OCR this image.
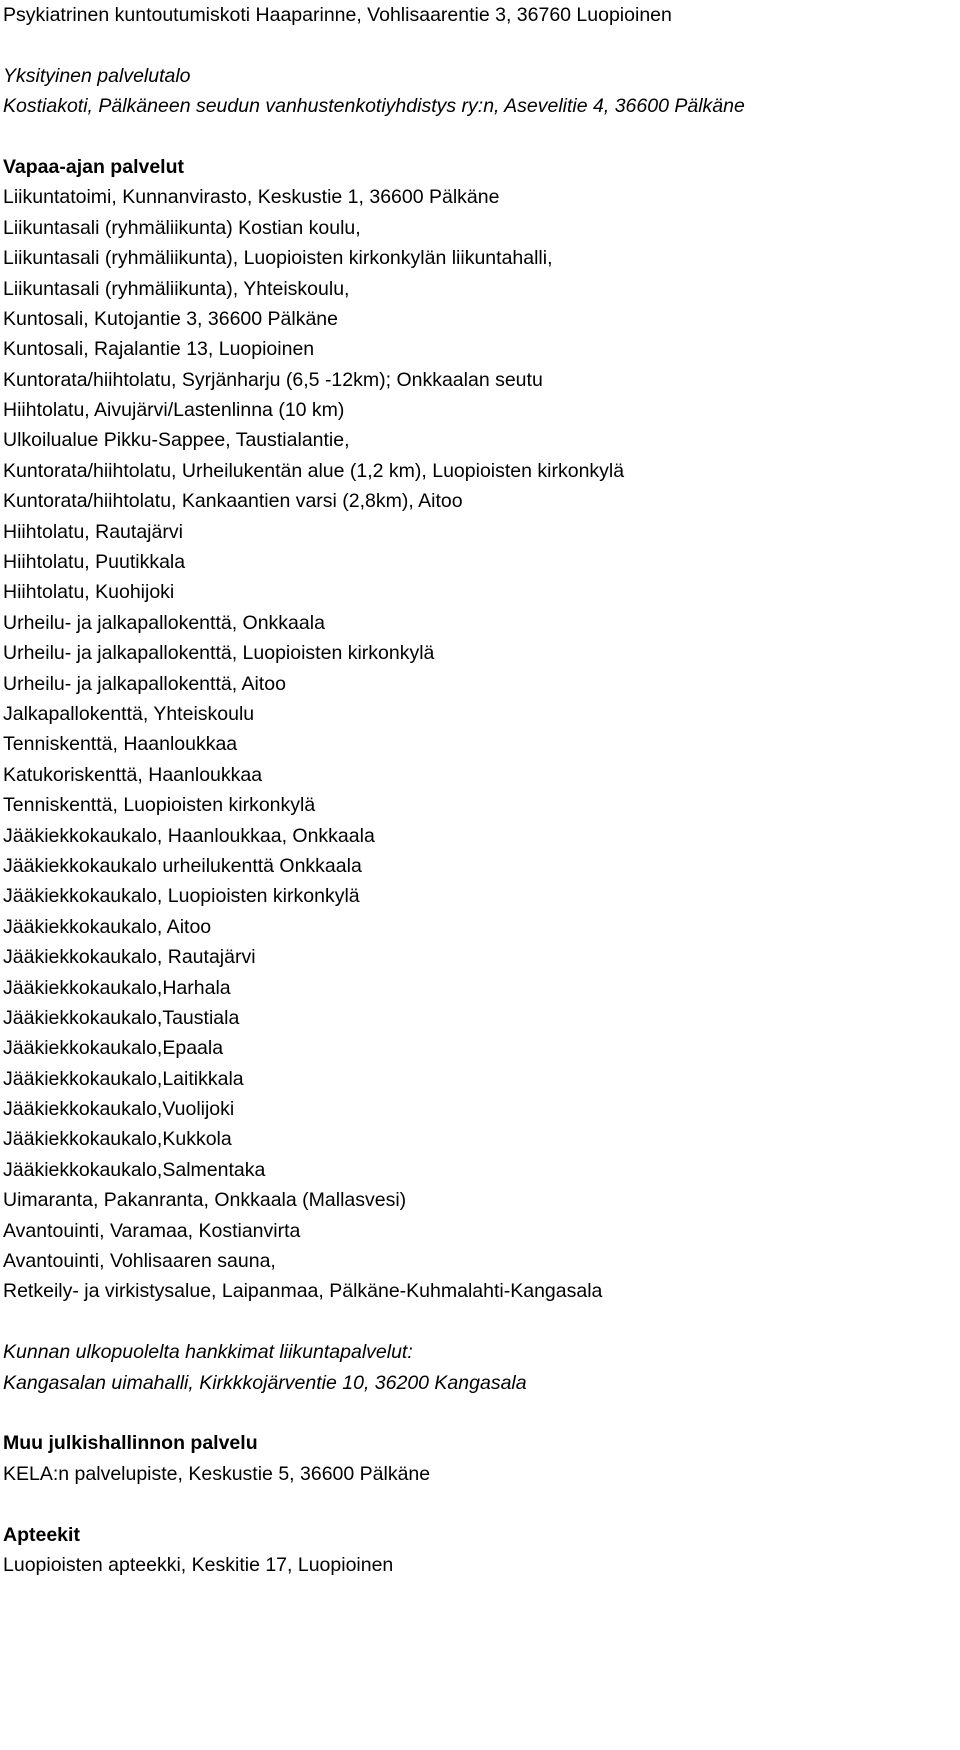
Psykiatrinen kuntoutumiskoti Haaparinne, Vohlisaarentie 3, 36760 Luopioinen
Yksityinen palvelutalo
Kostiakoti, Pälkäneen seudun vanhustenkotiyhdistys ry:n, Asevelitie 4, 36600 Pälkäne
Vapaa-ajan palvelut
Liikuntatoimi, Kunnanvirasto, Keskustie 1, 36600 Pälkäne
Liikuntasali (ryhmäliikunta) Kostian koulu,
Liikuntasali (ryhmäliikunta), Luopioisten kirkonkylän liikuntahalli,
Liikuntasali (ryhmäliikunta), Yhteiskoulu,
Kuntosali, Kutojantie 3, 36600 Pälkäne
Kuntosali, Rajalantie 13, Luopioinen
Kuntorata/hiihtolatu, Syrjänharju (6,5 -12km); Onkkaalan seutu
Hiihtolatu, Aivujärvi/Lastenlinna (10 km)
Ulkoilualue Pikku-Sappee, Taustialantie,
Kuntorata/hiihtolatu, Urheilukentän alue (1,2 km), Luopioisten kirkonkylä
Kuntorata/hiihtolatu, Kankaantien varsi (2,8km), Aitoo
Hiihtolatu, Rautajärvi
Hiihtolatu, Puutikkala
Hiihtolatu, Kuohijoki
Urheilu- ja jalkapallokenttä, Onkkaala
Urheilu- ja jalkapallokenttä, Luopioisten kirkonkylä
Urheilu- ja jalkapallokenttä, Aitoo
Jalkapallokenttä, Yhteiskoulu
Tenniskenttä, Haanloukkaa
Katukoriskenttä, Haanloukkaa
Tenniskenttä, Luopioisten kirkonkylä
Jääkiekkokaukalo, Haanloukkaa, Onkkaala
Jääkiekkokaukalo urheilukenttä Onkkaala
Jääkiekkokaukalo, Luopioisten kirkonkylä
Jääkiekkokaukalo, Aitoo
Jääkiekkokaukalo, Rautajärvi
Jääkiekkokaukalo,Harhala
Jääkiekkokaukalo,Taustiala
Jääkiekkokaukalo,Epaala
Jääkiekkokaukalo,Laitikkala
Jääkiekkokaukalo,Vuolijoki
Jääkiekkokaukalo,Kukkola
Jääkiekkokaukalo,Salmentaka
Uimaranta, Pakanranta, Onkkaala (Mallasvesi)
Avantouinti, Varamaa, Kostianvirta
Avantouinti, Vohlisaaren sauna,
Retkeily- ja virkistysalue, Laipanmaa, Pälkäne-Kuhmalahti-Kangasala
Kunnan ulkopuolelta hankkimat liikuntapalvelut:
Kangasalan uimahalli, Kirkkkojärventie 10, 36200 Kangasala
Muu julkishallinnon palvelu
KELA:n palvelupiste, Keskustie 5, 36600 Pälkäne
Apteekit
Luopioisten apteekki, Keskitie 17, Luopioinen
